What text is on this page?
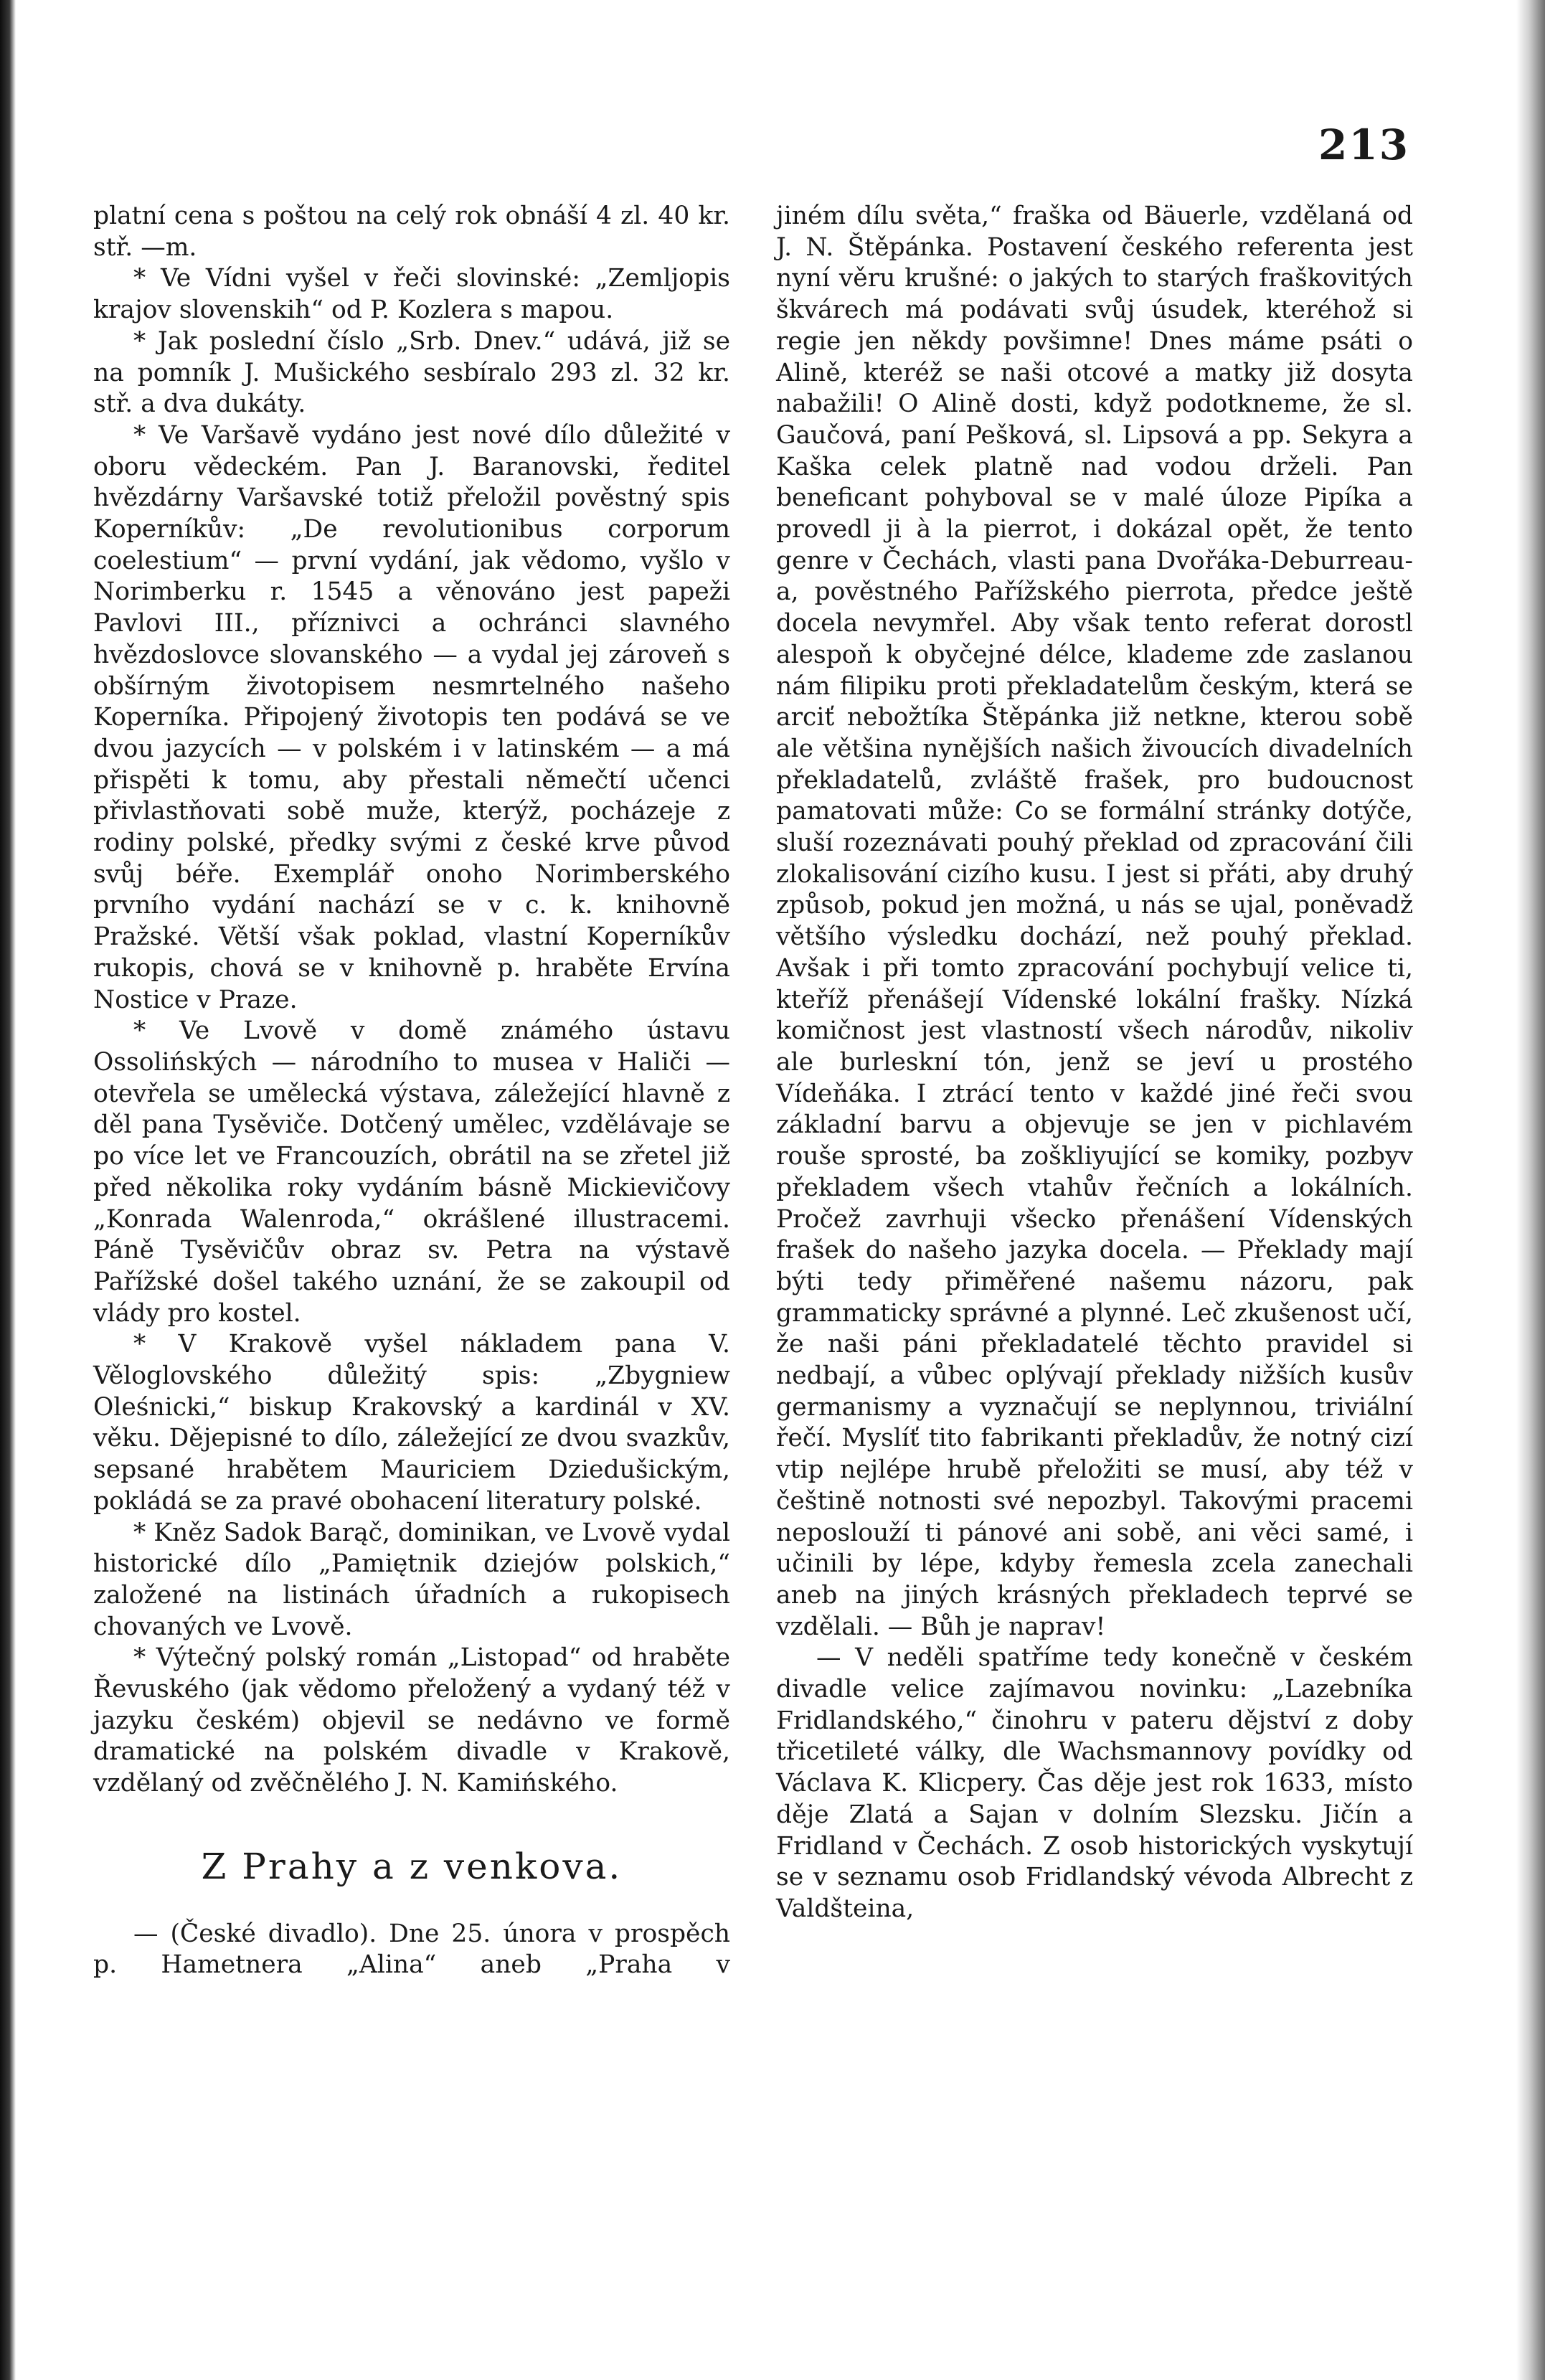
213

platní cena s poštou na celý rok obnáší 4 zl. 40 kr. stř. —m.

* Ve Vídni vyšel v řeči slovinské: „Zemljopis krajov slovenskih“ od P. Kozlera s mapou.

* Jak poslední číslo „Srb. Dnev.“ udává, již se na pomník J. Mušického sesbíralo 293 zl. 32 kr. stř. a dva dukáty.

* Ve Varšavě vydáno jest nové dílo důležité v oboru vědeckém. Pan J. Baranovski, ředitel hvězdárny Varšavské totiž přeložil pověstný spis Koperníkův: „De revolutionibus corporum coelestium“ — první vydání, jak vědomo, vyšlo v Norimberku r. 1545 a věnováno jest papeži Pavlovi III., příznivci a ochránci slavného hvězdoslovce slovanského — a vydal jej zároveň s obšírným životopisem nesmrtelného našeho Koperníka. Připojený životopis ten podává se ve dvou jazycích — v polském i v latinském — a má přispěti k tomu, aby přestali němečtí učenci přivlastňovati sobě muže, kterýž, pocházeje z rodiny polské, předky svými z české krve původ svůj béře. Exemplář onoho Norimberského prvního vydání nachází se v c. k. knihovně Pražské. Větší však poklad, vlastní Koperníkův rukopis, chová se v knihovně p. hraběte Ervína Nostice v Praze.

* Ve Lvově v domě známého ústavu Ossolińských — národního to musea v Haliči — otevřela se umělecká výstava, záležející hlavně z děl pana Tysěviče. Dotčený umělec, vzdělávaje se po více let ve Francouzích, obrátil na se zřetel již před několika roky vydáním básně Mickievičovy „Konrada Walenroda,“ okrášlené illustracemi. Páně Tysěvičův obraz sv. Petra na výstavě Pařížské došel takého uznání, že se zakoupil od vlády pro kostel.

* V Krakově vyšel nákladem pana V. Věloglovského důležitý spis: „Zbygniew Oleśnicki,“ biskup Krakovský a kardinál v XV. věku. Dějepisné to dílo, záležející ze dvou svazkův, sepsané hrabětem Mauriciem Dziedušickým, pokládá se za pravé obohacení literatury polské.

* Kněz Sadok Barąč, dominikan, ve Lvově vydal historické dílo „Pamiętnik dziejów polskich,“ založené na listinách úřadních a rukopisech chovaných ve Lvově.

* Výtečný polský román „Listopad“ od hraběte Řevuského (jak vědomo přeložený a vydaný též v jazyku českém) objevil se nedávno ve formě dramatické na polském divadle v Krakově, vzdělaný od zvěčnělého J. N. Kamińského.

Z Prahy a z venkova.

— (České divadlo). Dne 25. února v prospěch p. Hametnera „Alina“ aneb „Praha v

jiném dílu světa,“ fraška od Bäuerle, vzdělaná od J. N. Štěpánka. Postavení českého referenta jest nyní věru krušné: o jakých to starých fraškovitých škvárech má podávati svůj úsudek, kteréhož si regie jen někdy povšimne! Dnes máme psáti o Alině, kteréž se naši otcové a matky již dosyta nabažili! O Alině dosti, když podotkneme, že sl. Gaučová, paní Pešková, sl. Lipsová a pp. Sekyra a Kaška celek platně nad vodou drželi. Pan beneficant pohyboval se v malé úloze Pipíka a provedl ji à la pierrot, i dokázal opět, že tento genre v Čechách, vlasti pana Dvořáka-Deburreau-a, pověstného Pařížského pierrota, předce ještě docela nevymřel. Aby však tento referat dorostl alespoň k obyčejné délce, klademe zde zaslanou nám filipiku proti překladatelům českým, která se arciť nebožtíka Štěpánka již netkne, kterou sobě ale většina nynějších našich živoucích divadelních překladatelů, zvláště frašek, pro budoucnost pamatovati může: Co se formální stránky dotýče, sluší rozeznávati pouhý překlad od zpracování čili zlokalisování cizího kusu. I jest si přáti, aby druhý způsob, pokud jen možná, u nás se ujal, poněvadž většího výsledku dochází, než pouhý překlad. Avšak i při tomto zpracování pochybují velice ti, kteříž přenášejí Vídenské lokální frašky. Nízká komičnost jest vlastností všech národův, nikoliv ale burleskní tón, jenž se jeví u prostého Vídeňáka. I ztrácí tento v každé jiné řeči svou základní barvu a objevuje se jen v pichlavém rouše sprosté, ba zoškliyující se komiky, pozbyv překladem všech vtahův řečních a lokálních. Pročež zavrhuji všecko přenášení Vídenských frašek do našeho jazyka docela. — Překlady mají býti tedy přiměřené našemu názoru, pak grammaticky správné a plynné. Leč zkušenost učí, že naši páni překladatelé těchto pravidel si nedbají, a vůbec oplývají překlady nižších kusův germanismy a vyznačují se neplynnou, triviální řečí. Myslíť tito fabrikanti překladův, že notný cizí vtip nejlépe hrubě přeložiti se musí, aby též v češtině notnosti své nepozbyl. Takovými pracemi neposlouží ti pánové ani sobě, ani věci samé, i učinili by lépe, kdyby řemesla zcela zanechali aneb na jiných krásných překladech teprvé se vzdělali. — Bůh je naprav!

— V neděli spatříme tedy konečně v českém divadle velice zajímavou novinku: „Lazebníka Fridlandského,“ činohru v pateru dějství z doby třicetileté války, dle Wachsmannovy povídky od Václava K. Klicpery. Čas děje jest rok 1633, místo děje Zlatá a Sajan v dolním Slezsku. Jičín a Fridland v Čechách. Z osob historických vyskytují se v seznamu osob Fridlandský vévoda Albrecht z Valdšteina,
